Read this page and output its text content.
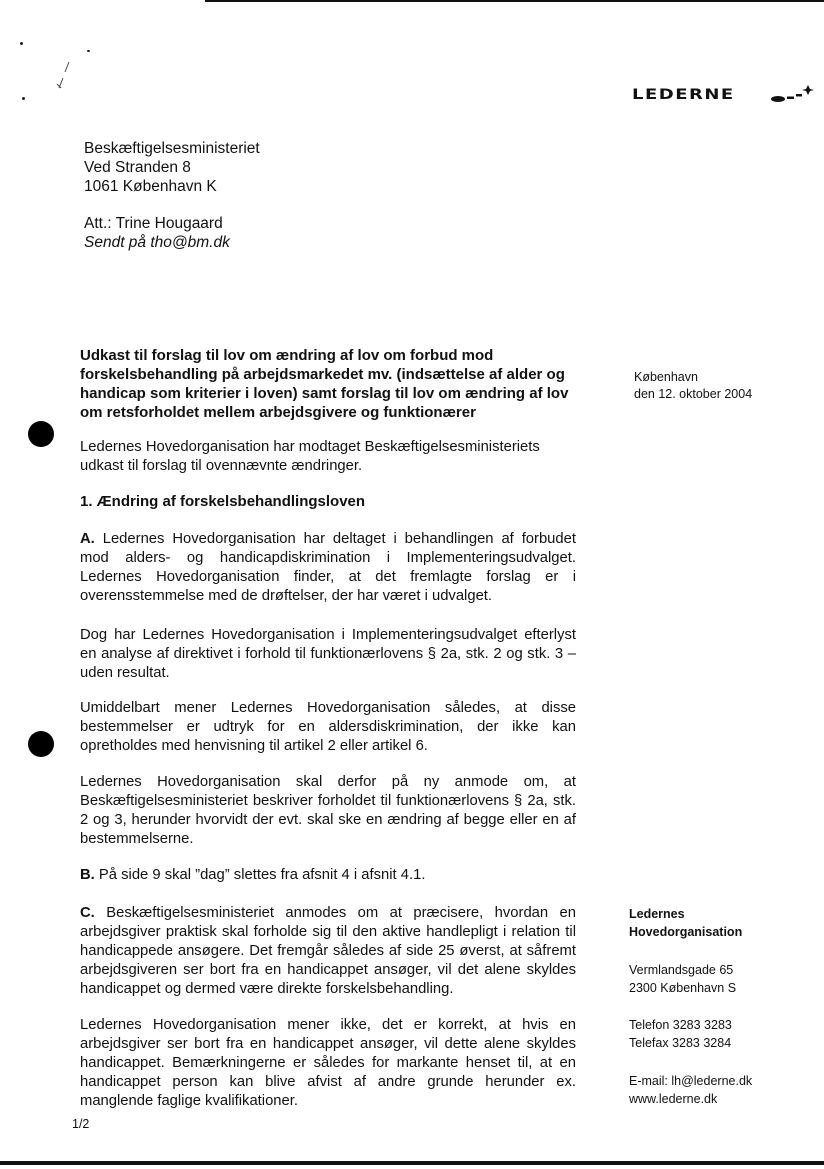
LEDERNE
Beskæftigelsesministeriet
Ved Stranden 8
1061 København K
Att.: Trine Hougaard
Sendt på tho@bm.dk
Udkast til forslag til lov om ændring af lov om forbud mod forskelsbehandling på arbejdsmarkedet mv. (indsættelse af alder og handicap som kriterier i loven) samt forslag til lov om ændring af lov om retsforholdet mellem arbejdsgivere og funktionærer
København
den 12. oktober 2004

Ledernes Hovedorganisation har modtaget Beskæftigelsesministeriets udkast til forslag til ovennævnte ændringer.

1. Ændring af forskelsbehandlingsloven

A. Ledernes Hovedorganisation har deltaget i behandlingen af forbudet mod alders- og handicapdiskrimination i Implementeringsudvalget. Ledernes Hovedorganisation finder, at det fremlagte forslag er i overensstemmelse med de drøftelser, der har været i udvalget.

Dog har Ledernes Hovedorganisation i Implementeringsudvalget efterlyst en analyse af direktivet i forhold til funktionærlovens § 2a, stk. 2 og stk. 3 – uden resultat.

Umiddelbart mener Ledernes Hovedorganisation således, at disse bestemmelser er udtryk for en aldersdiskrimination, der ikke kan opretholdes med henvisning til artikel 2 eller artikel 6.

Ledernes Hovedorganisation skal derfor på ny anmode om, at Beskæftigelsesministeriet beskriver forholdet til funktionærlovens § 2a, stk. 2 og 3, herunder hvorvidt der evt. skal ske en ændring af begge eller en af bestemmelserne.

B. På side 9 skal ”dag” slettes fra afsnit 4 i afsnit 4.1.

C. Beskæftigelsesministeriet anmodes om at præcisere, hvordan en arbejdsgiver praktisk skal forholde sig til den aktive handlepligt i relation til handicappede ansøgere. Det fremgår således af side 25 øverst, at såfremt arbejdsgiveren ser bort fra en handicappet ansøger, vil det alene skyldes handicappet og dermed være direkte forskelsbehandling.

Ledernes Hovedorganisation mener ikke, det er korrekt, at hvis en arbejdsgiver ser bort fra en handicappet ansøger, vil dette alene skyldes handicappet. Bemærkningerne er således for markante henset til, at en handicappet person kan blive afvist af andre grunde herunder ex. manglende faglige kvalifikationer.

Ledernes
Hovedorganisation
Vermlandsgade 65
2300 København S
Telefon 3283 3283
Telefax 3283 3284
E-mail: lh@lederne.dk
www.lederne.dk
1/2
